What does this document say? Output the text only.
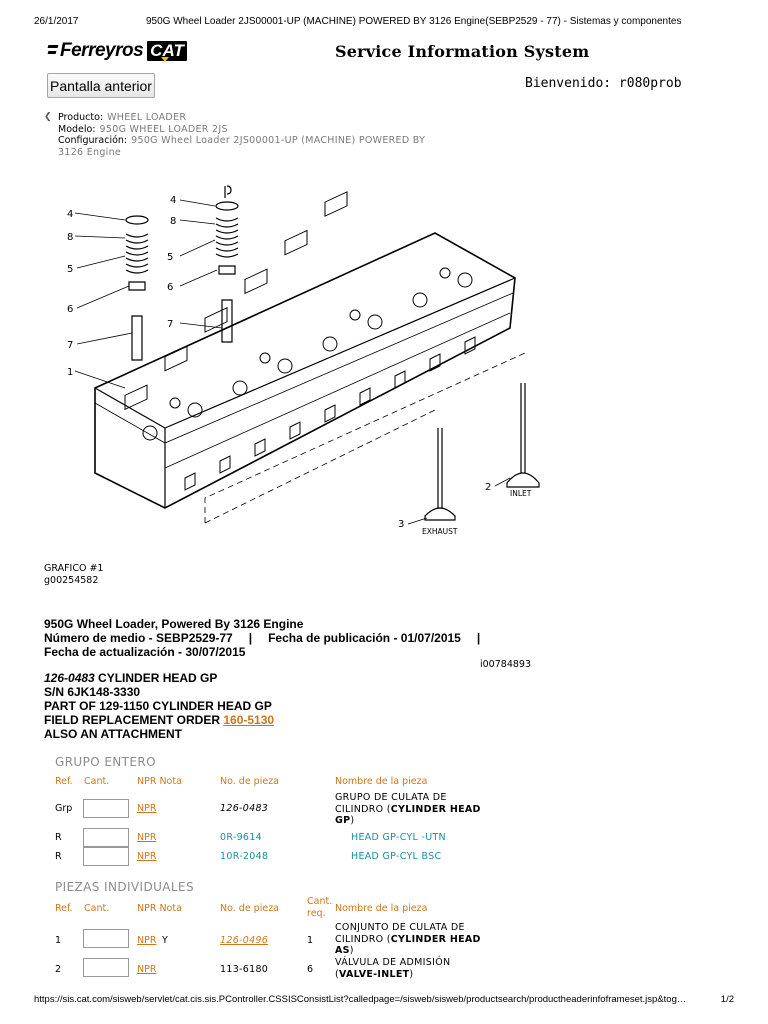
26/1/2017	950G Wheel Loader 2JS00001-UP (MACHINE) POWERED BY 3126 Engine(SEBP2529 - 77) - Sistemas y componentes
Ferreyros CAT	Service Information System
Pantalla anterior	Bienvenido: r080prob
❮ Producto: WHEEL LOADER
Modelo: 950G WHEEL LOADER 2JS
Configuración: 950G Wheel Loader 2JS00001-UP (MACHINE) POWERED BY
3126 Engine
4
8
5
6
7
1
4
8
5
6
7
2
3
INLET
EXHAUST
GRAFICO #1
g00254582
950G Wheel Loader, Powered By 3126 Engine
Número de medio - SEBP2529-77 | Fecha de publicación - 01/07/2015 |
Fecha de actualización - 30/07/2015
i00784893
126-0483 CYLINDER HEAD GP
S/N 6JK148-3330
PART OF 129-1150 CYLINDER HEAD GP
FIELD REPLACEMENT ORDER 160-5130
ALSO AN ATTACHMENT
GRUPO ENTERO
Ref. Cant.	NPR Nota	No. de pieza	Nombre de la pieza
Grp	NPR	126-0483
GRUPO DE CULATA DE
CILINDRO (CYLINDER HEAD
GP)
R	NPR	0R-9614	HEAD GP-CYL -UTN
R	NPR	10R-2048	HEAD GP-CYL BSC
PIEZAS INDIVIDUALES
Ref. Cant.	NPR Nota	No. de pieza
Cant.
req. Nombre de la pieza
1	NPR Y	126-0496	1
CONJUNTO DE CULATA DE
CILINDRO (CYLINDER HEAD
AS)
2	NPR	113-6180	6
VÁLVULA DE ADMISIÓN
(VALVE-INLET)
https://sis.cat.com/sisweb/servlet/cat.cis.sis.PController.CSSISConsistList?calledpage=/sisweb/sisweb/productsearch/productheaderinfoframeset.jsp&tog…	1/2
